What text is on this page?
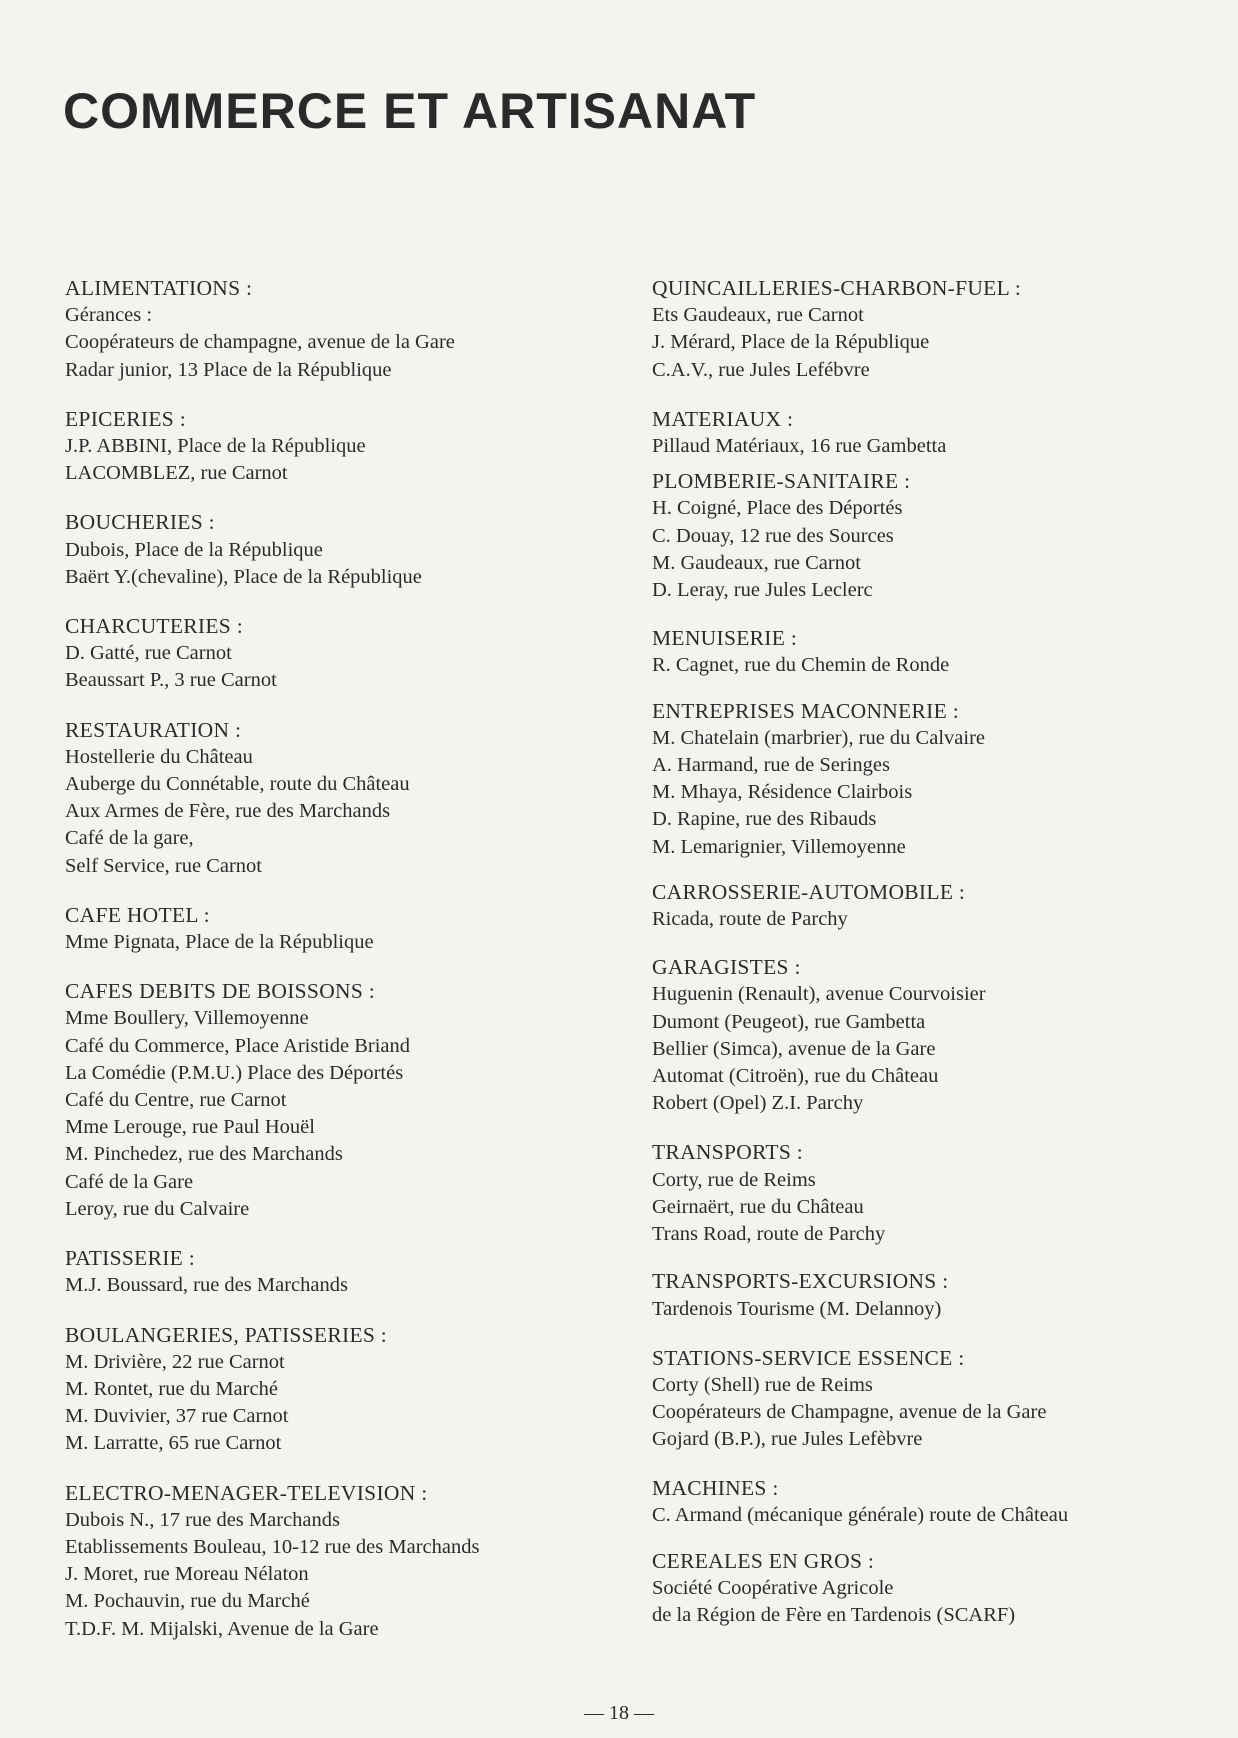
COMMERCE ET ARTISANAT
ALIMENTATIONS :
Gérances :
Coopérateurs de champagne, avenue de la Gare
Radar junior, 13 Place de la République
EPICERIES :
J.P. ABBINI, Place de la République
LACOMBLEZ, rue Carnot
BOUCHERIES :
Dubois, Place de la République
Baërt Y.(chevaline), Place de la République
CHARCUTERIES :
D. Gatté, rue Carnot
Beaussart P., 3 rue Carnot
RESTAURATION :
Hostellerie du Château
Auberge du Connétable, route du Château
Aux Armes de Fère, rue des Marchands
Café de la gare,
Self Service, rue Carnot
CAFE HOTEL :
Mme Pignata, Place de la République
CAFES DEBITS DE BOISSONS :
Mme Boullery, Villemoyenne
Café du Commerce, Place Aristide Briand
La Comédie (P.M.U.) Place des Déportés
Café du Centre, rue Carnot
Mme Lerouge, rue Paul Houël
M. Pinchedez, rue des Marchands
Café de la Gare
Leroy, rue du Calvaire
PATISSERIE :
M.J. Boussard, rue des Marchands
BOULANGERIES, PATISSERIES :
M. Drivière, 22 rue Carnot
M. Rontet, rue du Marché
M. Duvivier, 37 rue Carnot
M. Larratte, 65 rue Carnot
ELECTRO-MENAGER-TELEVISION :
Dubois N., 17 rue des Marchands
Etablissements Bouleau, 10-12 rue des Marchands
J. Moret, rue Moreau Nélaton
M. Pochauvin, rue du Marché
T.D.F. M. Mijalski, Avenue de la Gare
QUINCAILLERIES-CHARBON-FUEL :
Ets Gaudeaux, rue Carnot
J. Mérard, Place de la République
C.A.V., rue Jules Lefébvre
MATERIAUX :
Pillaud Matériaux, 16 rue Gambetta
PLOMBERIE-SANITAIRE :
H. Coigné, Place des Déportés
C. Douay, 12 rue des Sources
M. Gaudeaux, rue Carnot
D. Leray, rue Jules Leclerc
MENUISERIE :
R. Cagnet, rue du Chemin de Ronde
ENTREPRISES MACONNERIE :
M. Chatelain (marbrier), rue du Calvaire
A. Harmand, rue de Seringes
M. Mhaya, Résidence Clairbois
D. Rapine, rue des Ribauds
M. Lemarignier, Villemoyenne
CARROSSERIE-AUTOMOBILE :
Ricada, route de Parchy
GARAGISTES :
Huguenin (Renault), avenue Courvoisier
Dumont (Peugeot), rue Gambetta
Bellier (Simca), avenue de la Gare
Automat (Citroën), rue du Château
Robert (Opel) Z.I. Parchy
TRANSPORTS :
Corty, rue de Reims
Geirnaërt, rue du Château
Trans Road, route de Parchy
TRANSPORTS-EXCURSIONS :
Tardenois Tourisme (M. Delannoy)
STATIONS-SERVICE ESSENCE :
Corty (Shell) rue de Reims
Coopérateurs de Champagne, avenue de la Gare
Gojard (B.P.), rue Jules Lefèbvre
MACHINES :
C. Armand (mécanique générale) route de Château
CEREALES EN GROS :
Société Coopérative Agricole
de la Région de Fère en Tardenois (SCARF)
— 18 —
